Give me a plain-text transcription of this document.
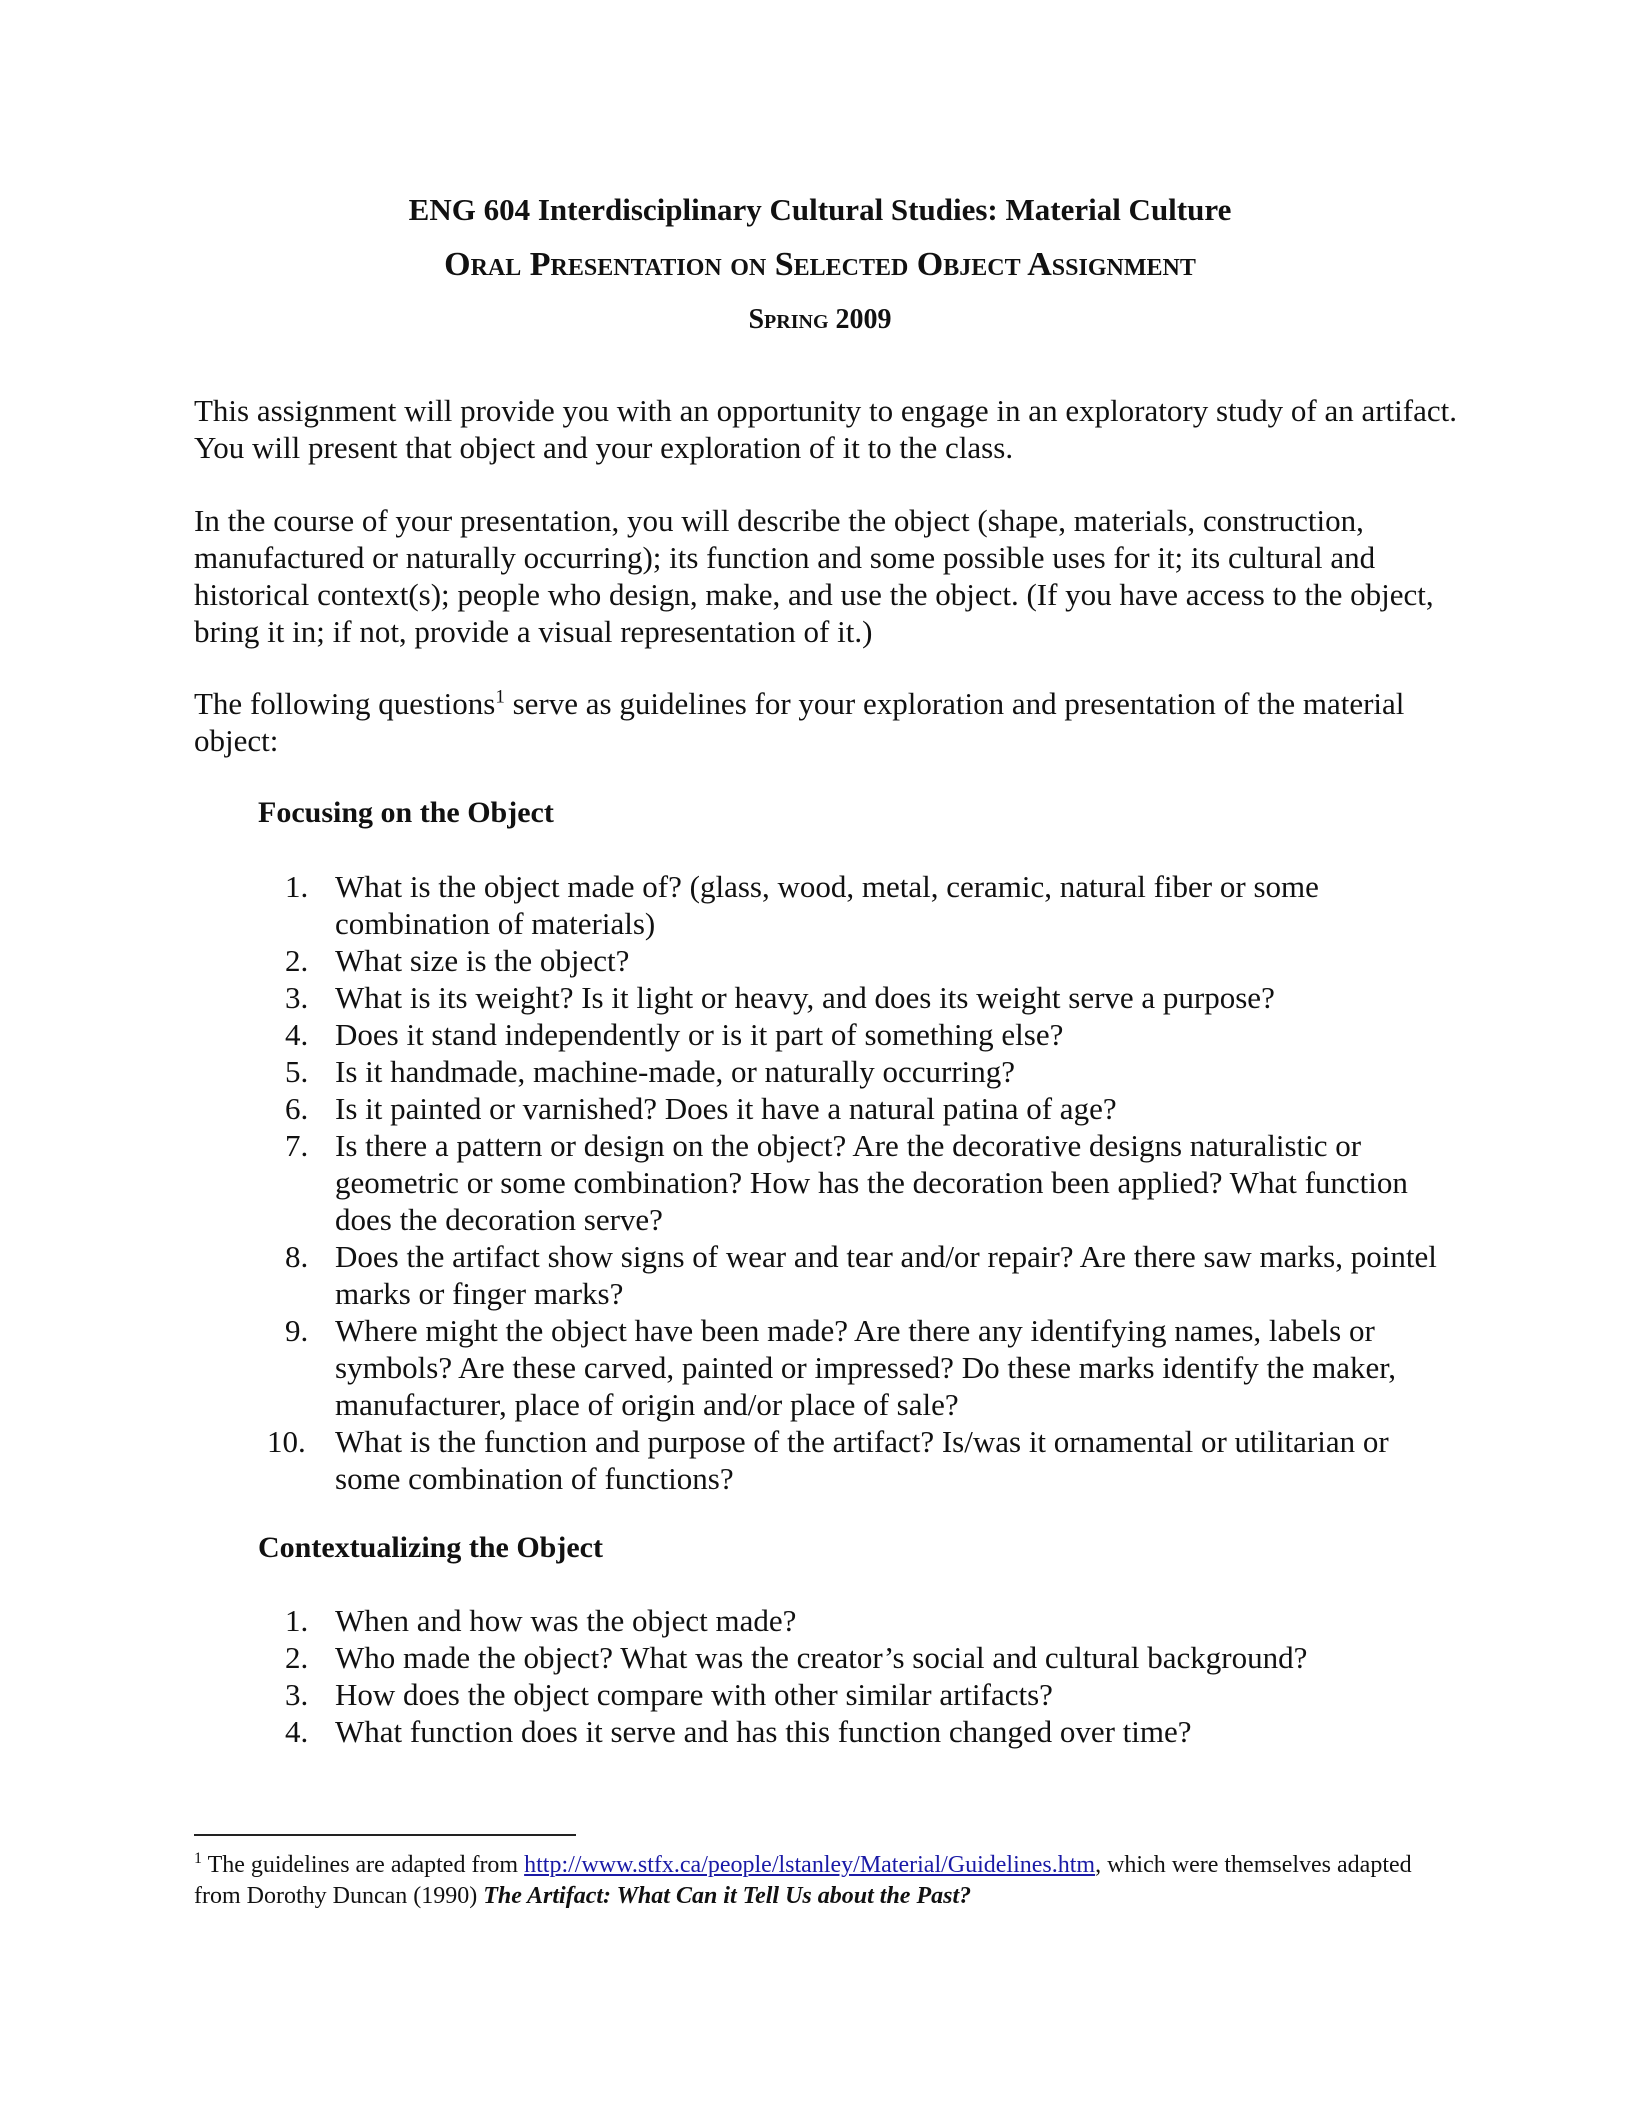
ENG 604 Interdisciplinary Cultural Studies: Material Culture
Oral Presentation on Selected Object Assignment
Spring 2009
This assignment will provide you with an opportunity to engage in an exploratory study of an artifact. You will present that object and your exploration of it to the class.
In the course of your presentation, you will describe the object (shape, materials, construction, manufactured or naturally occurring); its function and some possible uses for it; its cultural and historical context(s); people who design, make, and use the object. (If you have access to the object, bring it in; if not, provide a visual representation of it.)
The following questions$^1$ serve as guidelines for your exploration and presentation of the material object:
Focusing on the Object
1. What is the object made of? (glass, wood, metal, ceramic, natural fiber or some combination of materials)
2. What size is the object?
3. What is its weight? Is it light or heavy, and does its weight serve a purpose?
4. Does it stand independently or is it part of something else?
5. Is it handmade, machine-made, or naturally occurring?
6. Is it painted or varnished? Does it have a natural patina of age?
7. Is there a pattern or design on the object? Are the decorative designs naturalistic or geometric or some combination? How has the decoration been applied? What function does the decoration serve?
8. Does the artifact show signs of wear and tear and/or repair? Are there saw marks, pointel marks or finger marks?
9. Where might the object have been made? Are there any identifying names, labels or symbols? Are these carved, painted or impressed? Do these marks identify the maker, manufacturer, place of origin and/or place of sale?
10. What is the function and purpose of the artifact? Is/was it ornamental or utilitarian or some combination of functions?
Contextualizing the Object
1. When and how was the object made?
2. Who made the object? What was the creator’s social and cultural background?
3. How does the object compare with other similar artifacts?
4. What function does it serve and has this function changed over time?
$^1$ The guidelines are adapted from http://www.stfx.ca/people/lstanley/Material/Guidelines.htm, which were themselves adapted from Dorothy Duncan (1990) The Artifact: What Can it Tell Us about the Past?
